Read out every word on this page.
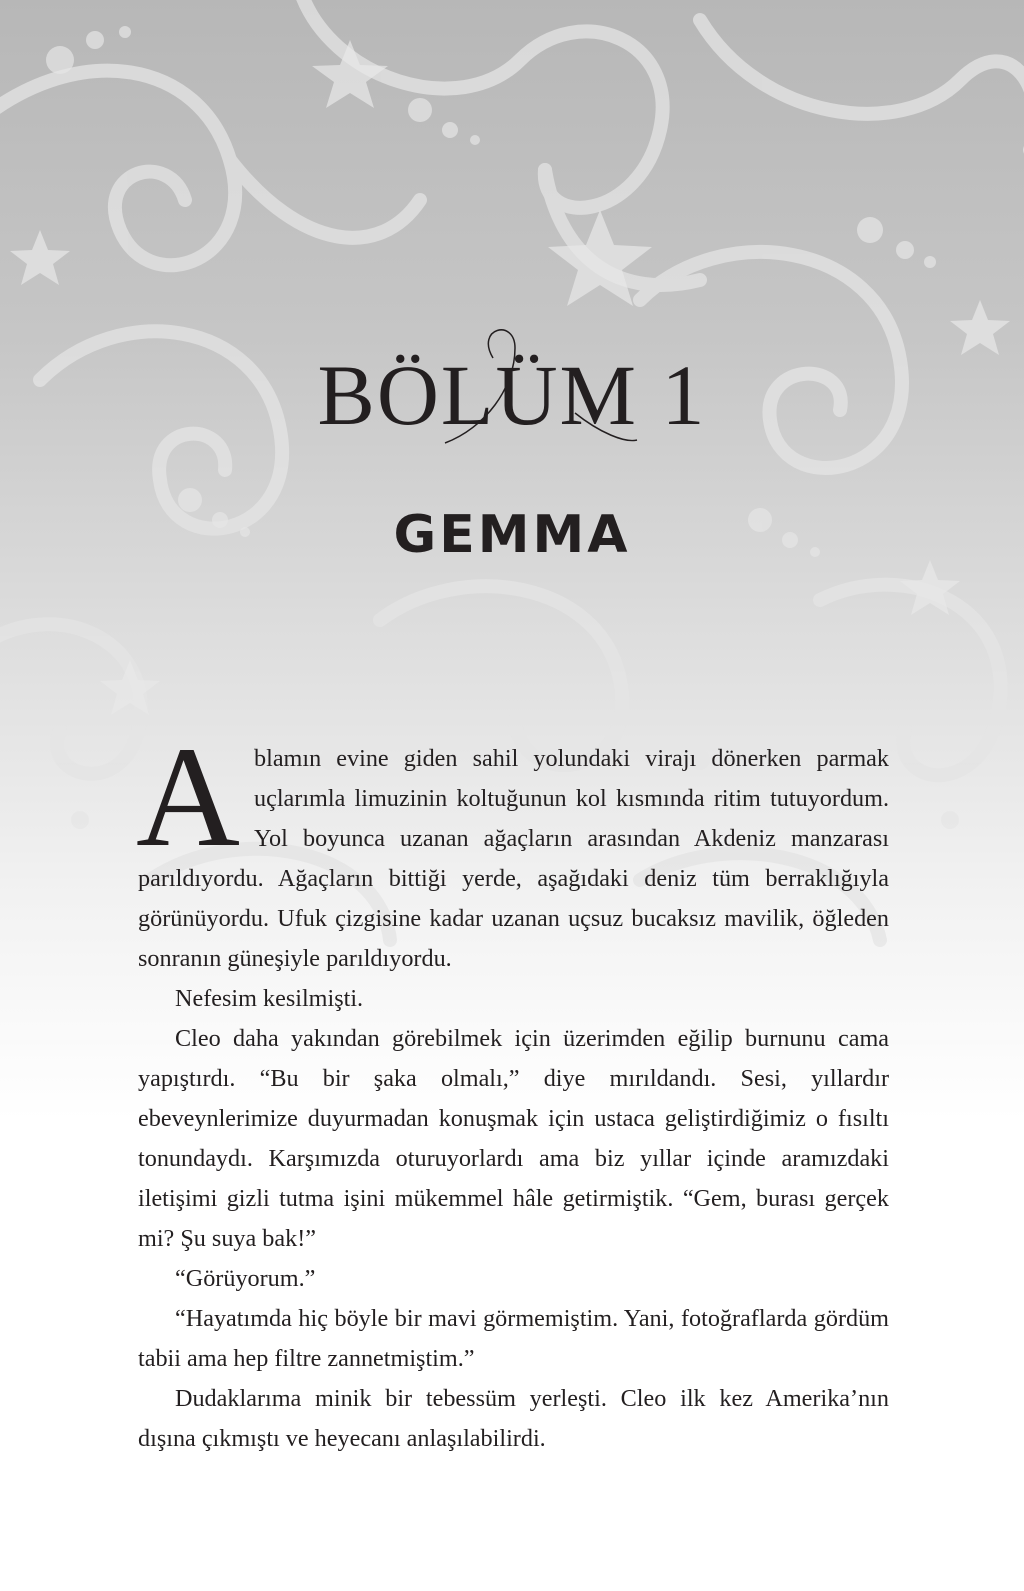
BÖLÜM 1
GEMMA

Ablamın evine giden sahil yolundaki virajı dönerken parmak uçlarımla limuzinin koltuğunun kol kısmında ritim tutuyordum. Yol boyunca uzanan ağaçların arasından Akdeniz manzarası parıldıyordu. Ağaçların bittiği yerde, aşağıdaki deniz tüm berraklığıyla görünüyordu. Ufuk çizgisine kadar uzanan uçsuz bucaksız mavilik, öğleden sonranın güneşiyle parıldıyordu.

Nefesim kesilmişti.

Cleo daha yakından görebilmek için üzerimden eğilip burnunu cama yapıştırdı. “Bu bir şaka olmalı,” diye mırıldandı. Sesi, yıllardır ebeveynlerimize duyurmadan konuşmak için ustaca geliştirdiğimiz o fısıltı tonundaydı. Karşımızda oturuyorlardı ama biz yıllar içinde aramızdaki iletişimi gizli tutma işini mükemmel hâle getirmiştik. “Gem, burası gerçek mi? Şu suya bak!”

“Görüyorum.”

“Hayatımda hiç böyle bir mavi görmemiştim. Yani, fotoğraflarda gördüm tabii ama hep filtre zannetmiştim.”

Dudaklarıma minik bir tebessüm yerleşti. Cleo ilk kez Amerika’nın dışına çıkmıştı ve heyecanı anlaşılabilirdi.
